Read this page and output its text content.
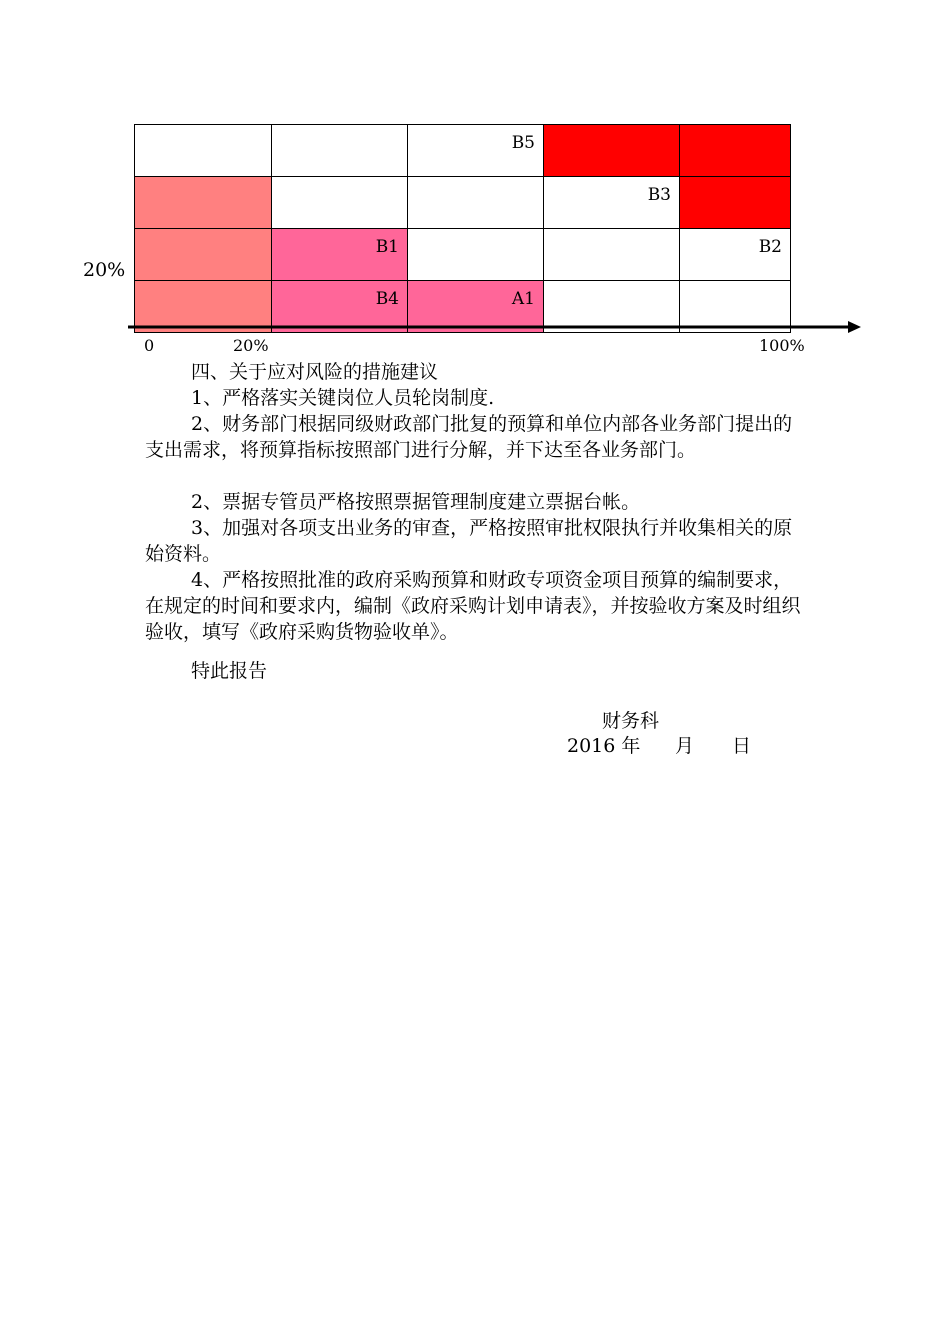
B5
B3
B1	B2
B4	A1
20%
0	20%	100%
四、关于应对风险的措施建议
1、严格落实关键岗位人员轮岗制度.
2、财务部门根据同级财政部门批复的预算和单位内部各业务部门提出的支出需求，将预算指标按照部门进行分解，并下达至各业务部门。
2、票据专管员严格按照票据管理制度建立票据台帐。
3、加强对各项支出业务的审查，严格按照审批权限执行并收集相关的原始资料。
4、严格按照批准的政府采购预算和财政专项资金项目预算的编制要求，在规定的时间和要求内，编制《政府采购计划申请表》，并按验收方案及时组织验收，填写《政府采购货物验收单》。
特此报告
财务科
2016 年 月 日
